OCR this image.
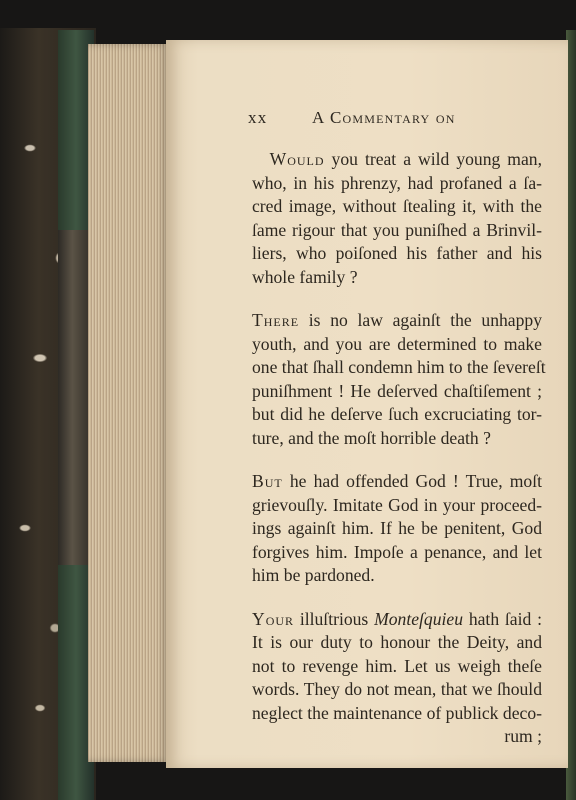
xx	A Commentary on
 Would you treat a wild young man,
who, in his phrenzy, had profaned a ſa-
cred image, without ſtealing it, with the
ſame rigour that you puniſhed a Brinvil-
liers, who poiſoned his father and his
whole family ?
There is no law againſt the unhappy
youth, and you are determined to make
one that ſhall condemn him to the ſevereſt
puniſhment ! He deſerved chaſtiſement ;
but did he deſerve ſuch excruciating tor-
ture, and the moſt horrible death ?
But he had offended God ! True, moſt
grievouſly. Imitate God in your proceed-
ings againſt him. If he be penitent, God
forgives him. Impoſe a penance, and let
him be pardoned.
Your illuſtrious Monteſquieu hath ſaid :
It is our duty to honour the Deity, and
not to revenge him. Let us weigh theſe
words. They do not mean, that we ſhould
neglect the maintenance of publick deco-
rum ;
